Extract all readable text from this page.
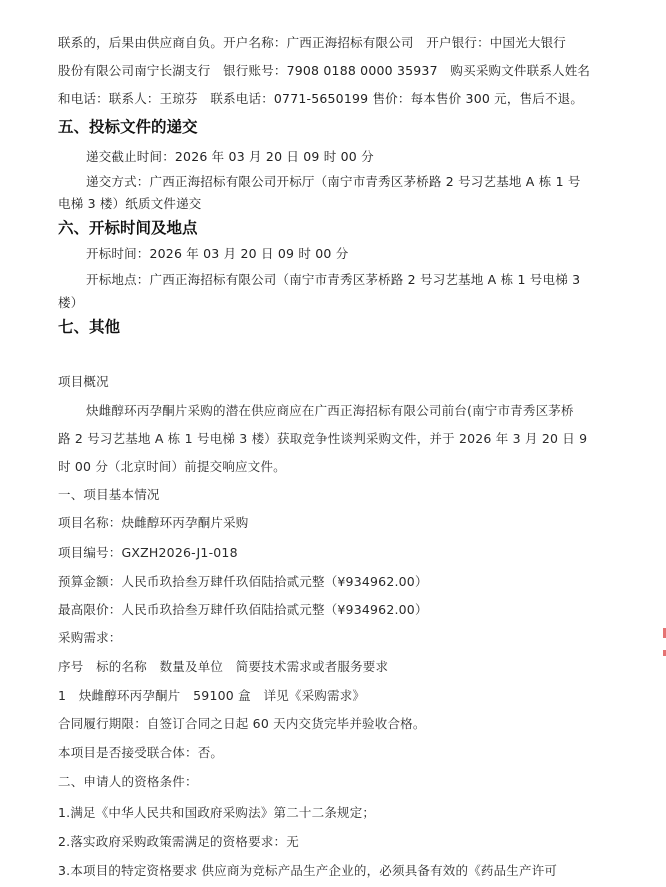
联系的，后果由供应商自负。开户名称：广西正海招标有限公司　开户银行：中国光大银行
股份有限公司南宁长湖支行　银行账号：7908 0188 0000 35937　购买采购文件联系人姓名
和电话：联系人：王琼芬　联系电话：0771-5650199 售价：每本售价 300 元，售后不退。
五、投标文件的递交
递交截止时间：2026 年 03 月 20 日 09 时 00 分
递交方式：广西正海招标有限公司开标厅（南宁市青秀区茅桥路 2 号习艺基地 A 栋 1 号
电梯 3 楼）纸质文件递交
六、开标时间及地点
开标时间：2026 年 03 月 20 日 09 时 00 分
开标地点：广西正海招标有限公司（南宁市青秀区茅桥路 2 号习艺基地 A 栋 1 号电梯 3
楼）
七、其他
项目概况
炔雌醇环丙孕酮片采购的潜在供应商应在广西正海招标有限公司前台(南宁市青秀区茅桥
路 2 号习艺基地 A 栋 1 号电梯 3 楼）获取竞争性谈判采购文件，并于 2026 年 3 月 20 日 9
时 00 分（北京时间）前提交响应文件。
一、项目基本情况
项目名称：炔雌醇环丙孕酮片采购
项目编号：GXZH2026-J1-018
预算金额：人民币玖拾叁万肆仟玖佰陆拾贰元整（¥934962.00）
最高限价：人民币玖拾叁万肆仟玖佰陆拾贰元整（¥934962.00）
采购需求：
序号　标的名称　数量及单位　简要技术需求或者服务要求
1　炔雌醇环丙孕酮片　59100 盒　详见《采购需求》
合同履行期限：自签订合同之日起 60 天内交货完毕并验收合格。
本项目是否接受联合体：否。
二、申请人的资格条件：
1.满足《中华人民共和国政府采购法》第二十二条规定；
2.落实政府采购政策需满足的资格要求：无
3.本项目的特定资格要求 供应商为竞标产品生产企业的，必须具备有效的《药品生产许可
